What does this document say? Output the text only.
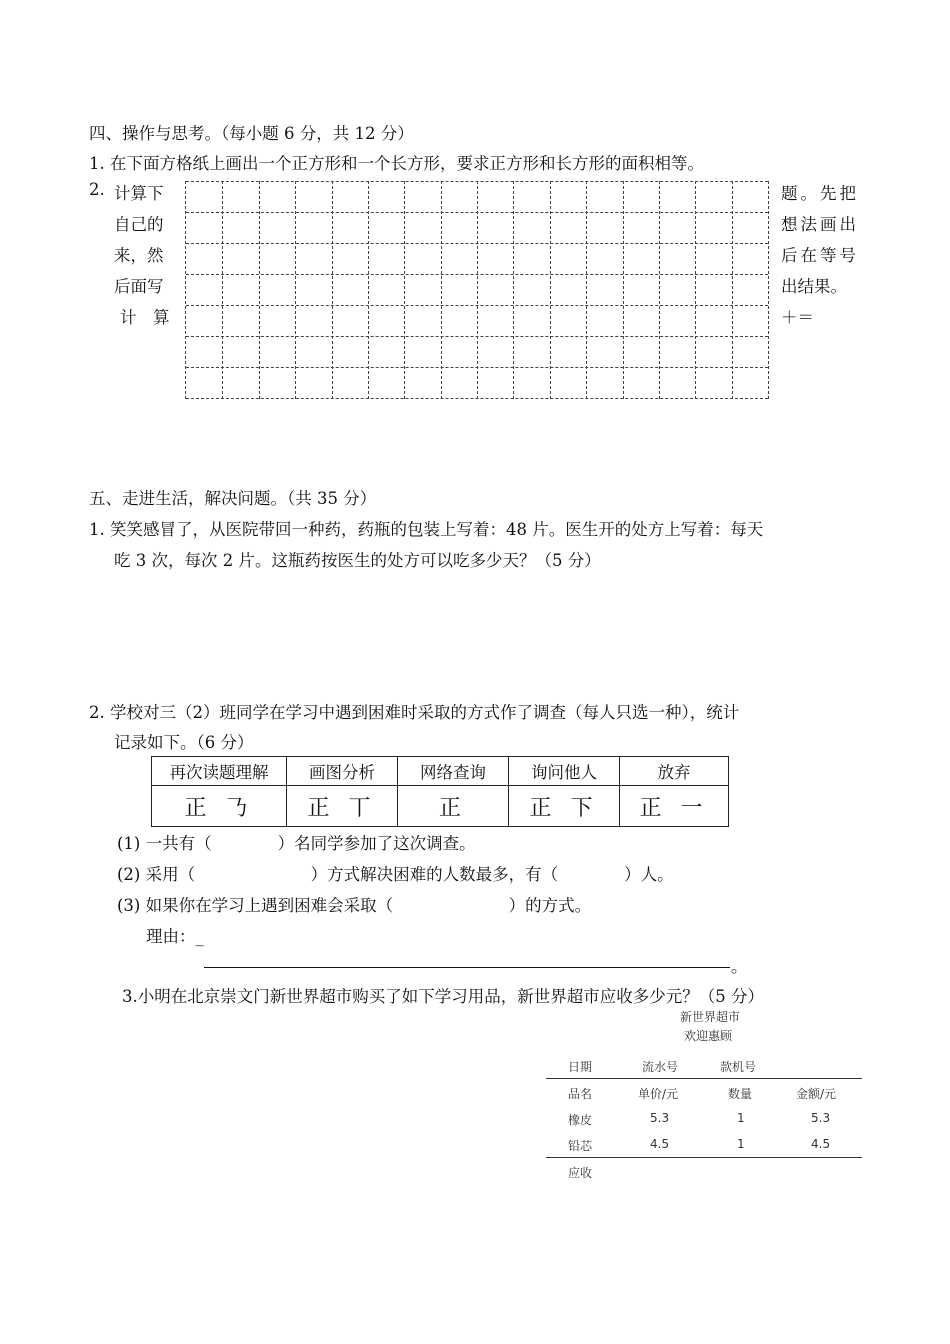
四、操作与思考。（每小题 6 分，共 12 分）
1. 在下面方格纸上画出一个正方形和一个长方形，要求正方形和长方形的面积相等。
2. 计算下
自己的
来，然
后面写
计　算
题。先把
想法画出
后在等号
出结果。
＋＝
五、走进生活，解决问题。（共 35 分）
1. 笑笑感冒了，从医院带回一种药，药瓶的包装上写着：48 片。医生开的处方上写着：每天
吃 3 次，每次 2 片。这瓶药按医生的处方可以吃多少天？（5 分）
2. 学校对三（2）班同学在学习中遇到困难时采取的方式作了调查（每人只选一种），统计
记录如下。（6 分）
再次读题理解	画图分析	网络查询	询问他人	放弃
正 𠄎	正 丅	正	正 下	正 一
(1) 一共有（　　　　）名同学参加了这次调查。
(2) 采用（　　　　　　　）方式解决困难的人数最多，有（　　　　）人。
(3) 如果你在学习上遇到困难会采取（　　　　　　　）的方式。
理由：_
。
3.小明在北京崇文门新世界超市购买了如下学习用品，新世界超市应收多少元？（5 分）
新世界超市
欢迎惠顾
日期	流水号	款机号
品名	单价/元	数量	金额/元
橡皮	5.3	1	5.3
铅芯	4.5	1	4.5
应收
